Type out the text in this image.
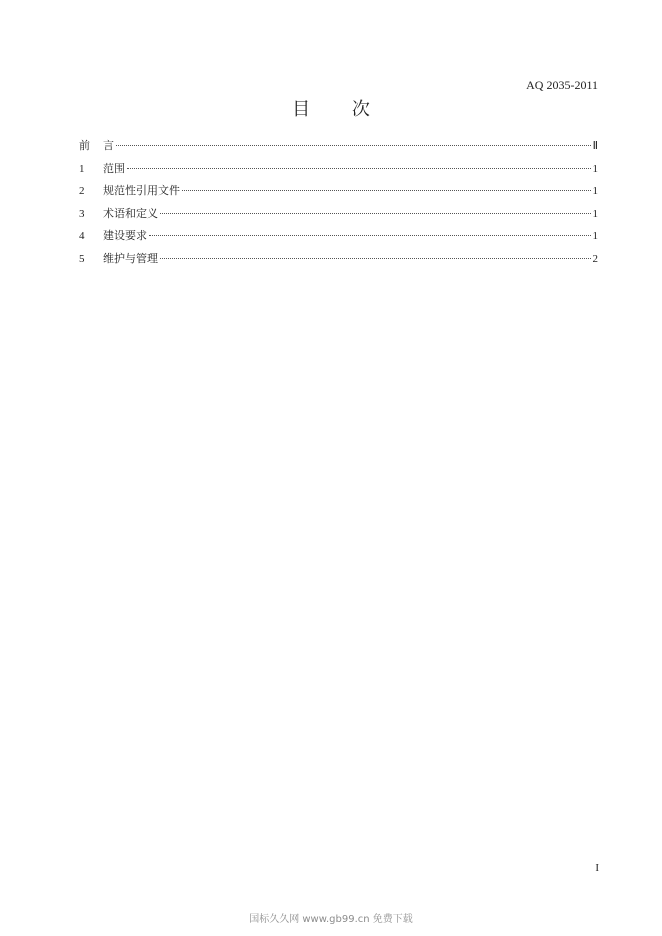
AQ 2035-2011
目 次
前	言	Ⅱ
1	范围	1
2	规范性引用文件	1
3	术语和定义	1
4	建设要求	1
5	维护与管理	2
I
国标久久网 www.gb99.cn 免费下载
